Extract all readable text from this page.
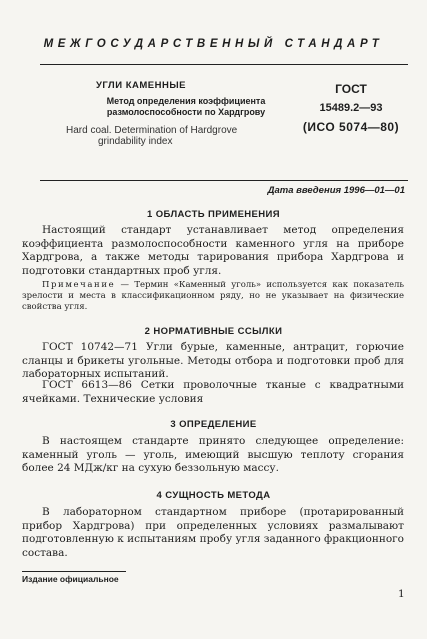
МЕЖГОСУДАРСТВЕННЫЙ СТАНДАРТ
УГЛИ КАМЕННЫЕ
Метод определения коэффициента
размолоспособности по Хардгрову
Hard coal. Determination of Hardgrove
grindability index
ГОСТ
15489.2—93
(ИСО 5074—80)
Дата введения 1996—01—01
1 ОБЛАСТЬ ПРИМЕНЕНИЯ
Настоящий стандарт устанавливает метод определения коэффициента размолоспособности каменного угля на приборе Хардгрова, а также методы тарирования прибора Хардгрова и подготовки стандартных проб угля.
Примечание — Термин «Каменный уголь» используется как показатель зрелости и места в классификационном ряду, но не указывает на физические свойства угля.
2 НОРМАТИВНЫЕ ССЫЛКИ
ГОСТ 10742—71 Угли бурые, каменные, антрацит, горючие сланцы и брикеты угольные. Методы отбора и подготовки проб для лабораторных испытаний.
ГОСТ 6613—86 Сетки проволочные тканые с квадратными ячейками. Технические условия
3 ОПРЕДЕЛЕНИЕ
В настоящем стандарте принято следующее определение: каменный уголь — уголь, имеющий высшую теплоту сгорания более 24 МДж/кг на сухую беззольную массу.
4 СУЩНОСТЬ МЕТОДА
В лабораторном стандартном приборе (протарированный прибор Хардгрова) при определенных условиях размалывают подготовленную к испытаниям пробу угля заданного фракционного состава.
Издание официальное
1
